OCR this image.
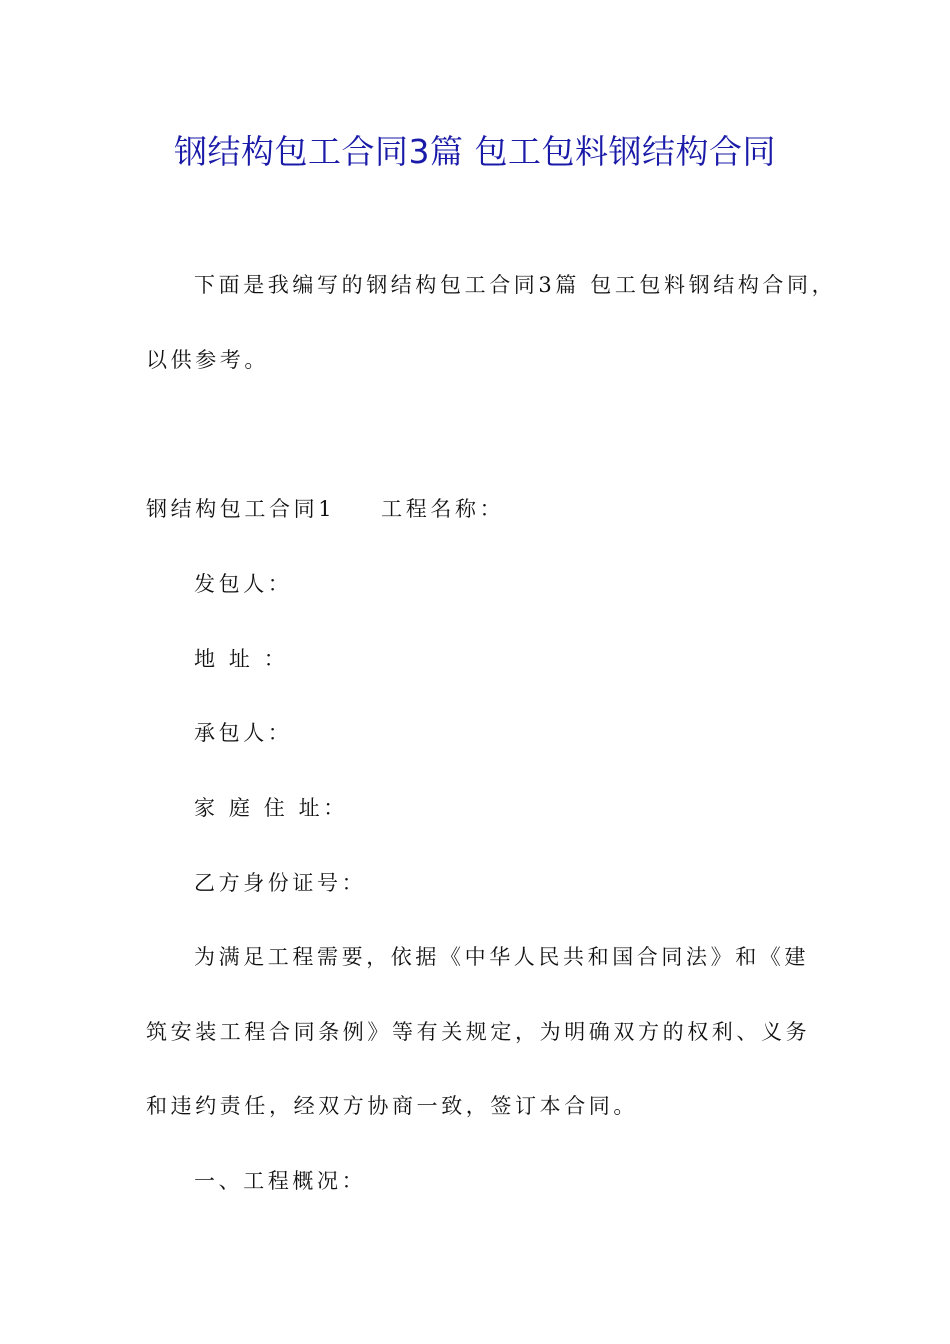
钢结构包工合同3篇 包工包料钢结构合同
下面是我编写的钢结构包工合同3篇 包工包料钢结构合同，
以供参考。
钢结构包工合同1 工程名称：
发包人：
地 址 ：
承包人：
家 庭 住 址：
乙方身份证号：
为满足工程需要，依据《中华人民共和国合同法》和《建
筑安装工程合同条例》等有关规定，为明确双方的权利、义务
和违约责任，经双方协商一致，签订本合同。
一、工程概况：
